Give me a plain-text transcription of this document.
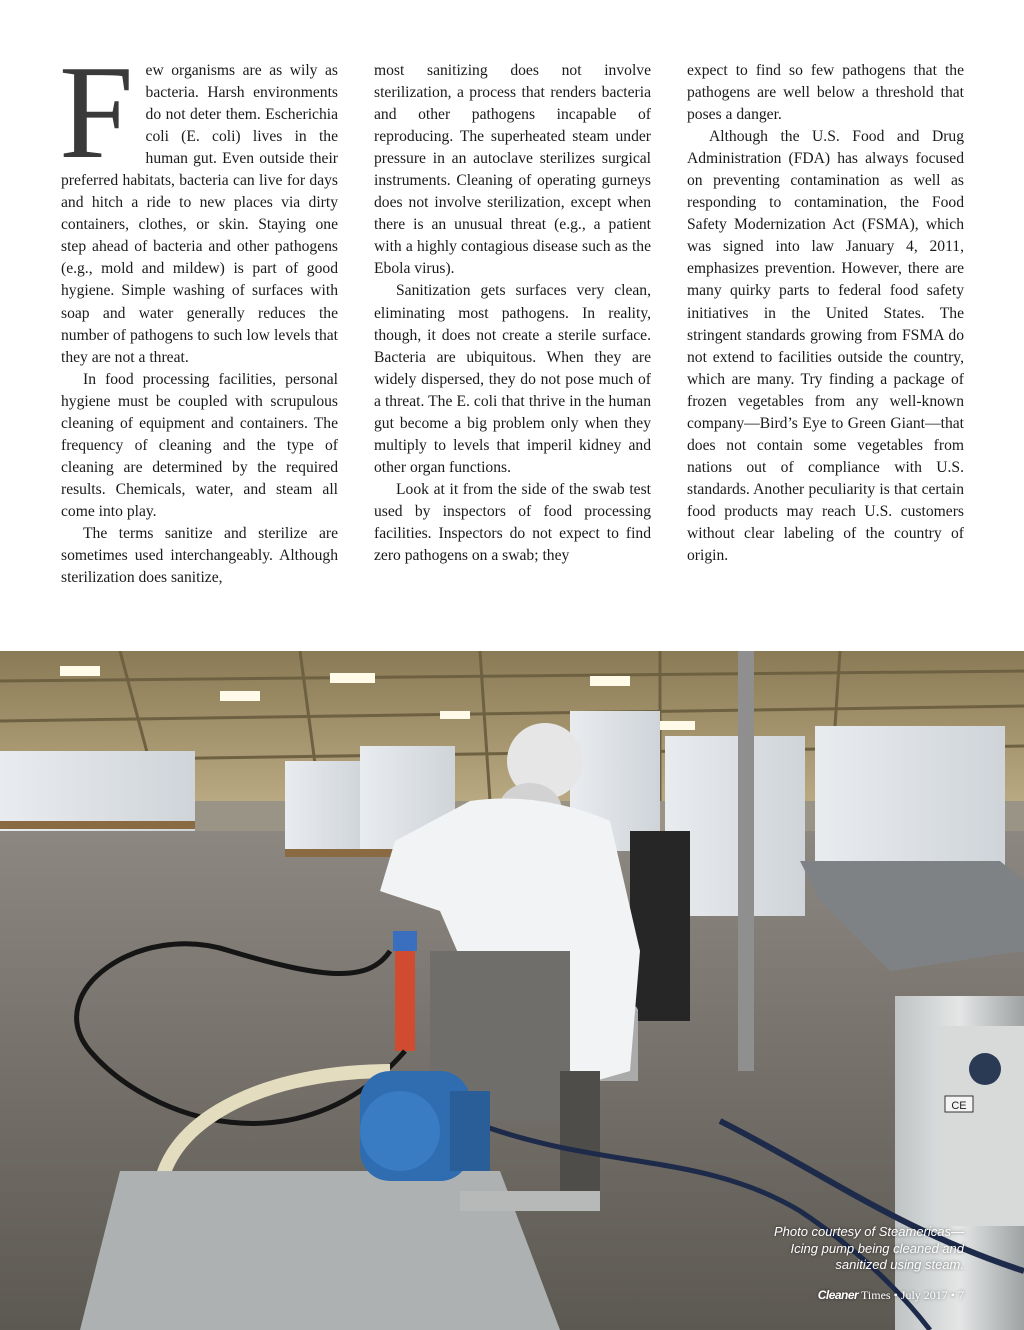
Few organisms are as wily as bacteria. Harsh environments do not deter them. Escherichia coli (E. coli) lives in the human gut. Even outside their preferred habitats, bacteria can live for days and hitch a ride to new places via dirty containers, clothes, or skin. Staying one step ahead of bacteria and other pathogens (e.g., mold and mildew) is part of good hygiene. Simple washing of surfaces with soap and water generally reduces the number of pathogens to such low levels that they are not a threat.

In food processing facilities, personal hygiene must be coupled with scrupulous cleaning of equipment and containers. The frequency of cleaning and the type of cleaning are determined by the required results. Chemicals, water, and steam all come into play.

The terms sanitize and sterilize are sometimes used interchangeably. Although sterilization does sanitize,

most sanitizing does not involve sterilization, a process that renders bacteria and other pathogens incapable of reproducing. The superheated steam under pressure in an autoclave sterilizes surgical instruments. Cleaning of operating gurneys does not involve sterilization, except when there is an unusual threat (e.g., a patient with a highly contagious disease such as the Ebola virus).

Sanitization gets surfaces very clean, eliminating most pathogens. In reality, though, it does not create a sterile surface. Bacteria are ubiquitous. When they are widely dispersed, they do not pose much of a threat. The E. coli that thrive in the human gut become a big problem only when they multiply to levels that imperil kidney and other organ functions.

Look at it from the side of the swab test used by inspectors of food processing facilities. Inspectors do not expect to find zero pathogens on a swab; they

expect to find so few pathogens that the pathogens are well below a threshold that poses a danger.

Although the U.S. Food and Drug Administration (FDA) has always focused on preventing contamination as well as responding to contamination, the Food Safety Modernization Act (FSMA), which was signed into law January 4, 2011, emphasizes prevention. However, there are many quirky parts to federal food safety initiatives in the United States. The stringent standards growing from FSMA do not extend to facilities outside the country, which are many. Try finding a package of frozen vegetables from any well-known company—Bird’s Eye to Green Giant—that does not contain some vegetables from nations out of compliance with U.S. standards. Another peculiarity is that certain food products may reach U.S. customers without clear labeling of the country of origin.

CE
Photo courtesy of Steamericas—
Icing pump being cleaned and
sanitized using steam.
Cleaner Times • July 2017 • 7
